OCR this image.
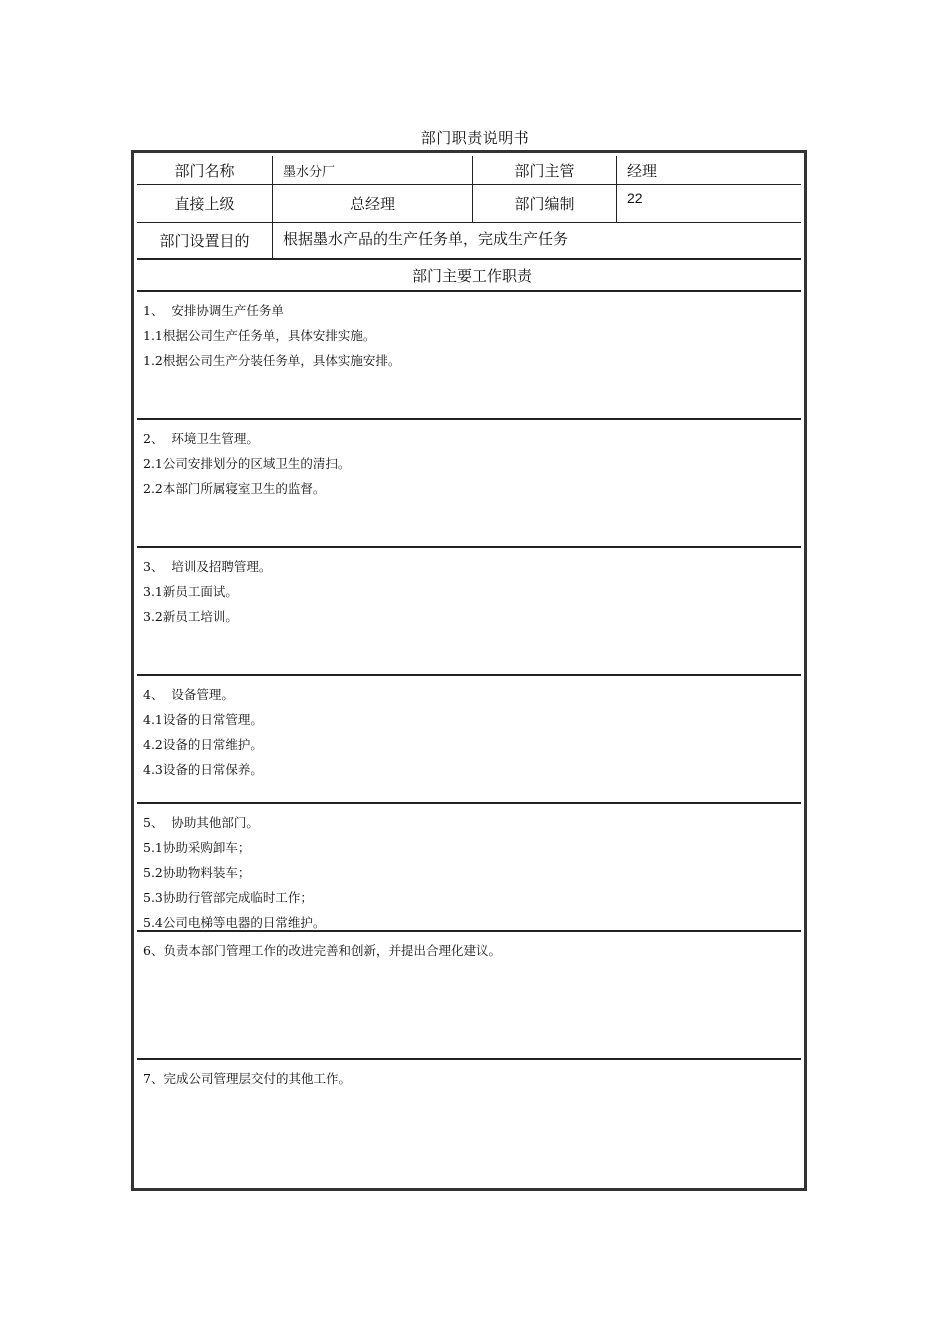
部门职责说明书
部门名称	墨水分厂	部门主管	经理
直接上级	总经理	部门编制	22
部门设置目的	根据墨水产品的生产任务单，完成生产任务
部门主要工作职责
1、  安排协调生产任务单
1.1根据公司生产任务单，具体安排实施。
1.2根据公司生产分装任务单，具体实施安排。
2、  环境卫生管理。
2.1公司安排划分的区域卫生的清扫。
2.2本部门所属寝室卫生的监督。
3、  培训及招聘管理。
3.1新员工面试。
3.2新员工培训。
4、  设备管理。
4.1设备的日常管理。
4.2设备的日常维护。
4.3设备的日常保养。
5、  协助其他部门。
5.1协助采购卸车；
5.2协助物料装车；
5.3协助行管部完成临时工作；
5.4公司电梯等电器的日常维护。
6、负责本部门管理工作的改进完善和创新，并提出合理化建议。
7、完成公司管理层交付的其他工作。
